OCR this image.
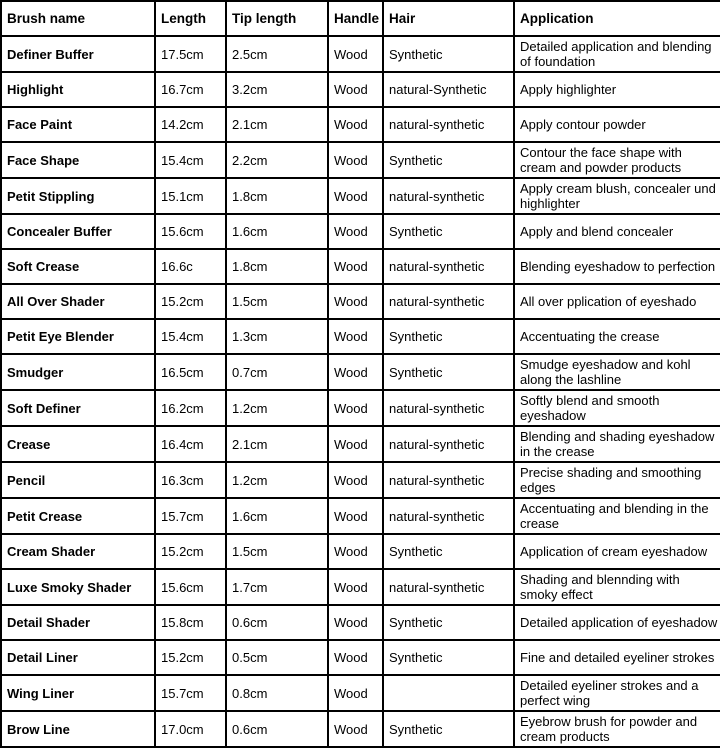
Brush name	Length	Tip length	Handle	Hair	Application
Definer Buffer	17.5cm	2.5cm	Wood	Synthetic	Detailed application and blending of foundation
Highlight	16.7cm	3.2cm	Wood	natural-Synthetic	Apply highlighter
Face Paint	14.2cm	2.1cm	Wood	natural-synthetic	Apply contour powder
Face Shape	15.4cm	2.2cm	Wood	Synthetic	Contour the face shape with cream and powder products
Petit Stippling	15.1cm	1.8cm	Wood	natural-synthetic	Apply cream blush, concealer und highlighter
Concealer Buffer	15.6cm	1.6cm	Wood	Synthetic	Apply and blend concealer
Soft Crease	16.6c	1.8cm	Wood	natural-synthetic	Blending eyeshadow to perfection
All Over Shader	15.2cm	1.5cm	Wood	natural-synthetic	All over pplication of eyeshado
Petit Eye Blender	15.4cm	1.3cm	Wood	Synthetic	Accentuating the crease
Smudger	16.5cm	0.7cm	Wood	Synthetic	Smudge eyeshadow and kohl along the lashline
Soft Definer	16.2cm	1.2cm	Wood	natural-synthetic	Softly blend and smooth eyeshadow
Crease	16.4cm	2.1cm	Wood	natural-synthetic	Blending and shading eyeshadow in the crease
Pencil	16.3cm	1.2cm	Wood	natural-synthetic	Precise shading and smoothing edges
Petit Crease	15.7cm	1.6cm	Wood	natural-synthetic	Accentuating and blending in the crease
Cream Shader	15.2cm	1.5cm	Wood	Synthetic	Application of cream eyeshadow
Luxe Smoky Shader	15.6cm	1.7cm	Wood	natural-synthetic	Shading and blennding with smoky effect
Detail Shader	15.8cm	0.6cm	Wood	Synthetic	Detailed application of eyeshadow
Detail Liner	15.2cm	0.5cm	Wood	Synthetic	Fine and detailed eyeliner strokes
Wing Liner	15.7cm	0.8cm	Wood		Detailed eyeliner strokes and a perfect wing
Brow Line	17.0cm	0.6cm	Wood	Synthetic	Eyebrow brush for powder and cream products
